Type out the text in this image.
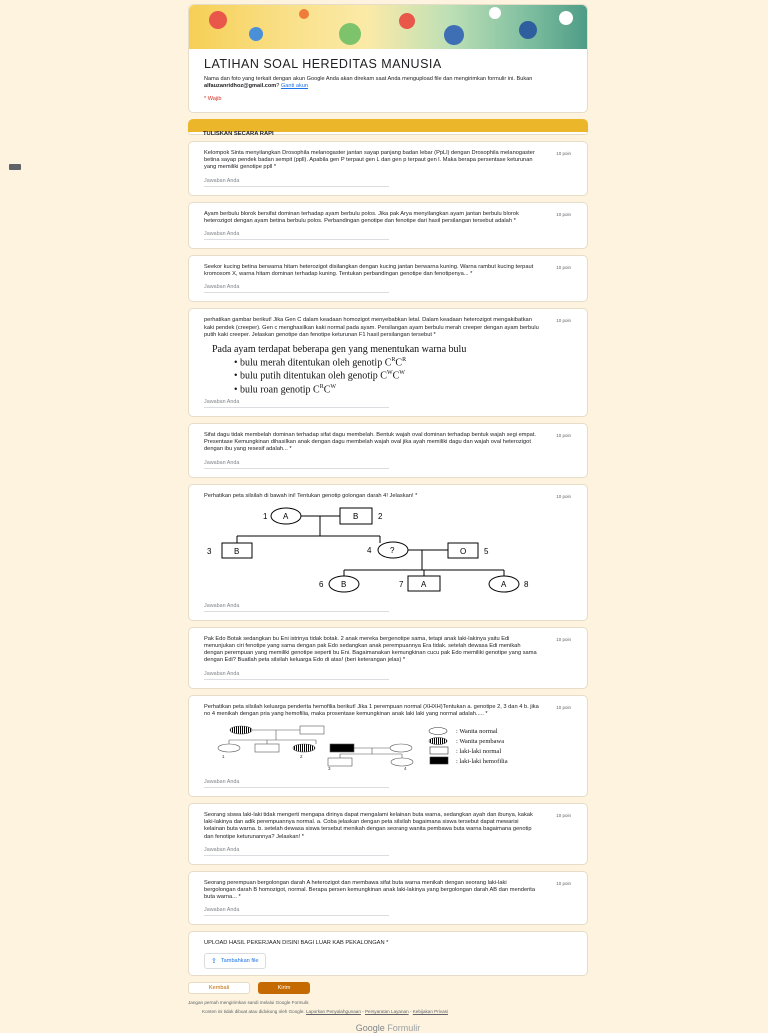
LATIHAN SOAL HEREDITAS MANUSIA
Nama dan foto yang terkait dengan akun Google Anda akan direkam saat Anda mengupload file dan mengirimkan formulir ini. Bukan alfauzanridhoz@gmail.com? Ganti akun
* Wajib
TULISKAN SECARA RAPI
10 poin
Kelompok Sinta menyilangkan Drosophila melanogaster jantan sayap panjang badan lebar (PpLl) dengan Drosophila melanogaster betina sayap pendek badan sempit (ppll). Apabila gen P terpaut gen L dan gen p terpaut gen l. Maka berapa persentase keturunan yang memiliki genotipe ppll *
Jawaban Anda
10 poin
Ayam berbulu blorok bersifat dominan terhadap ayam berbulu polos. Jika pak Arya menyilangkan ayam jantan berbulu blorok heterozigot dengan ayam betina berbulu polos. Perbandingan genotipe dan fenotipe dari hasil persilangan tersebut adalah *
Jawaban Anda
10 poin
Seekor kucing betina berwarna hitam heterozigot disilangkan dengan kucing jantan berwarna kuning. Warna rambut kucing terpaut kromosom X, warna hitam dominan terhadap kuning. Tentukan perbandingan genotipe dan fenotipenya... *
Jawaban Anda
10 poin
perhatikan gambar berikut! Jika Gen C dalam keadaan homozigot menyebabkan letal. Dalam keadaan heterozigot mengakibatkan kaki pendek (creeper). Gen c menghasilkan kaki normal pada ayam. Persilangan ayam berbulu merah creeper dengan ayam berbulu putih kaki creeper. Jelaskan genotipe dan fenotipe keturunan F1 hasil persilangan tersebut *
Pada ayam terdapat beberapa gen yang menentukan warna bulu
• bulu merah ditentukan oleh genotip $C^RC^R$
• bulu putih ditentukan oleh genotip $C^WC^W$
• bulu roan genotip $C^RC^W$
Jawaban Anda
10 poin
Sifat dagu tidak membelah dominan terhadap sifat dagu membelah. Bentuk wajah oval dominan terhadap bentuk wajah segi empat. Presentase Kemungkinan dihasilkan anak dengan dagu membelah wajah oval jika ayah memiliki dagu dan wajah oval heterozigot dengan ibu yang resesif adalah... *
Jawaban Anda
10 poin
Perhatikan peta silsilah di bawah ini! Tentukan genotip golongan darah 4! Jelaskan! *
A
1	B 2
B
3	?
4	O 5
B
6	A
7	A 8
Jawaban Anda
10 poin
Pak Edo Botak sedangkan bu Eni istrinya tidak botak. 2 anak mereka bergenotipe sama, tetapi anak laki-lakinya yaitu Edi menunjukan ciri fenotipe yang sama dengan pak Edo sedangkan anak perempuannya Era tidak. setelah dewasa Edi menikah dengan perempuan yang memiliki genotipe seperti bu Eni. Bagaimanakan kemungkinan cucu pak Edo memiliki genotipe yang sama dengan Edi? Buatlah peta silsilah keluarga Edo di atas! (beri keterangan jelas) *
Jawaban Anda
10 poin
Perhatikan peta silsilah keluarga penderita hemofilia berikut! Jika 1 perempuan normal (XHXH)Tentukan a. genotipe 2, 3 dan 4 b. jika no 4 menikah dengan pria yang hemofilia, maka prosentase kemungkinan anak laki laki yang normal adalah..... *
1	2
3	4
: Wanita normal
: Wanita pembawa
: laki-laki normal
: laki-laki hemofilia
Jawaban Anda
10 poin
Seorang siswa laki-laki tidak mengerti mengapa dirinya dapat mengalami kelainan buta warna, sedangkan ayah dan ibunya, kakak laki-lakinya dan adik perempuannya normal. a. Coba jelaskan dengan peta silsilah bagaimana siswa tersebut dapat mewarisi kelainan buta warna. b. setelah dewasa siswa tersebut menikah dengan seorang wanita pembawa buta warna bagaimana genotip dan fenotipe keturunannya? Jelaskan! *
Jawaban Anda
10 poin
Seorang perempuan bergolongan darah A heterozigot dan membawa sifat buta warna menikah dengan seorang laki-laki bergolongan darah B homozigot, normal. Berapa persen kemungkinan anak laki-lakinya yang bergolongan darah AB dan menderita buta warna... *
Jawaban Anda
UPLOAD HASIL PEKERJAAN DISINI BAGI LUAR KAB PEKALONGAN *
⇪ Tambahkan file
Kembali	Kirim
Jangan pernah mengirimkan sandi melalui Google Formulir.
Konten ini tidak dibuat atau didukung oleh Google. Laporkan Penyalahgunaan - Persyaratan Layanan - Kebijakan Privasi
Google Formulir
